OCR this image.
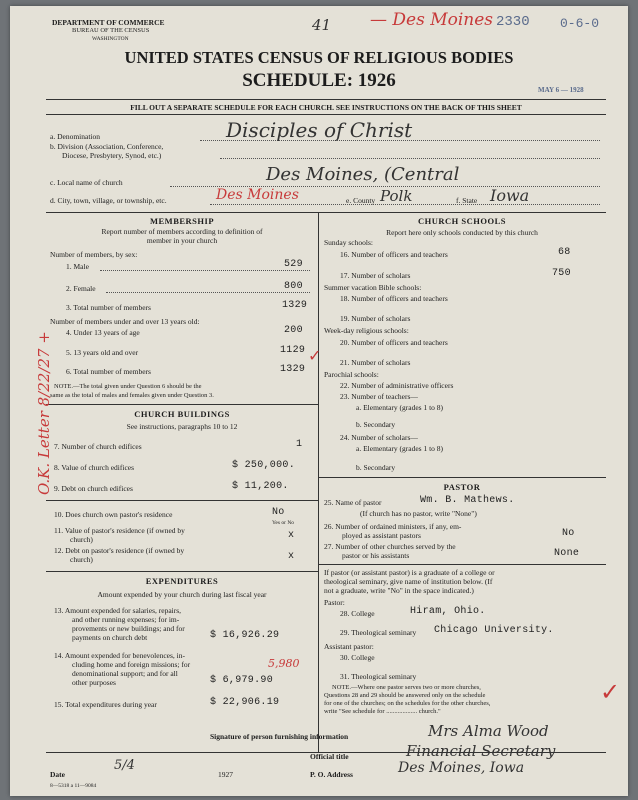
DEPARTMENT OF COMMERCE
BUREAU OF THE CENSUS
WASHINGTON
41 — Des Moines 2330 0-6-0
UNITED STATES CENSUS OF RELIGIOUS BODIES
SCHEDULE: 1926	MAY 6 — 1928
FILL OUT A SEPARATE SCHEDULE FOR EACH CHURCH. SEE INSTRUCTIONS ON THE BACK OF THIS SHEET
a. Denomination	Disciples of Christ
b. Division (Association, Conference,
Diocese, Presbytery, Synod, etc.)
c. Local name of church	Des Moines, (Central
d. City, town, village, or township, etc.	Des Moines	e. County Polk	f. State Iowa
MEMBERSHIP
Report number of members according to definition of
member in your church
Number of members, by sex:
1. Male	529
2. Female	800
3. Total number of members	1329
Number of members under and over 13 years old:
4. Under 13 years of age	200
5. 13 years old and over	1129
6. Total number of members	1329
NOTE.—The total given under Question 6 should be the
same as the total of males and females given under Question 3.
CHURCH BUILDINGS
See instructions, paragraphs 10 to 12
7. Number of church edifices	1
8. Value of church edifices	$ 250,000.
9. Debt on church edifices	$ 11,200.
10. Does church own pastor's residence	No
Yes or No
11. Value of pastor's residence (if owned by
church)	x
12. Debt on pastor's residence (if owned by
church)	x
EXPENDITURES
Amount expended by your church during last fiscal year
13. Amount expended for salaries, repairs,
and other running expenses; for im-
provements or new buildings; and for
payments on church debt	$ 16,926.29
14. Amount expended for benevolences, in-
cluding home and foreign missions; for
denominational support; and for all
other purposes
5,980
$ 6,979.90
15. Total expenditures during year	$ 22,906.19
CHURCH SCHOOLS
Report here only schools conducted by this church
Sunday schools:
16. Number of officers and teachers	68
17. Number of scholars	750
Summer vacation Bible schools:
18. Number of officers and teachers
19. Number of scholars
Week-day religious schools:
20. Number of officers and teachers
21. Number of scholars
Parochial schools:
22. Number of administrative officers
23. Number of teachers—
a. Elementary (grades 1 to 8)
b. Secondary
24. Number of scholars—
a. Elementary (grades 1 to 8)
b. Secondary
PASTOR
25. Name of pastor	Wm. B. Mathews.
(If church has no pastor, write "None")
26. Number of ordained ministers, if any, em-
ployed as assistant pastors	No
27. Number of other churches served by the
pastor or his assistants	None
If pastor (or assistant pastor) is a graduate of a college or
theological seminary, give name of institution below. (If
not a graduate, write "No" in the space indicated.)
Pastor:
28. College	Hiram, Ohio.
29. Theological seminary Chicago University.
Assistant pastor:
30. College
31. Theological seminary
NOTE.—Where one pastor serves two or more churches,
Questions 28 and 29 should be answered only on the schedule
for one of the churches; on the schedules for the other churches,
write "See schedule for ................... church."
Signature of person furnishing information	Mrs Alma Wood
Official title	Financial Secretary
Date
5/4
1927	P. O. Address	Des Moines, Iowa
8—5318 a 11—9084
O.K. Letter 8/22/27 +
✓
✓
